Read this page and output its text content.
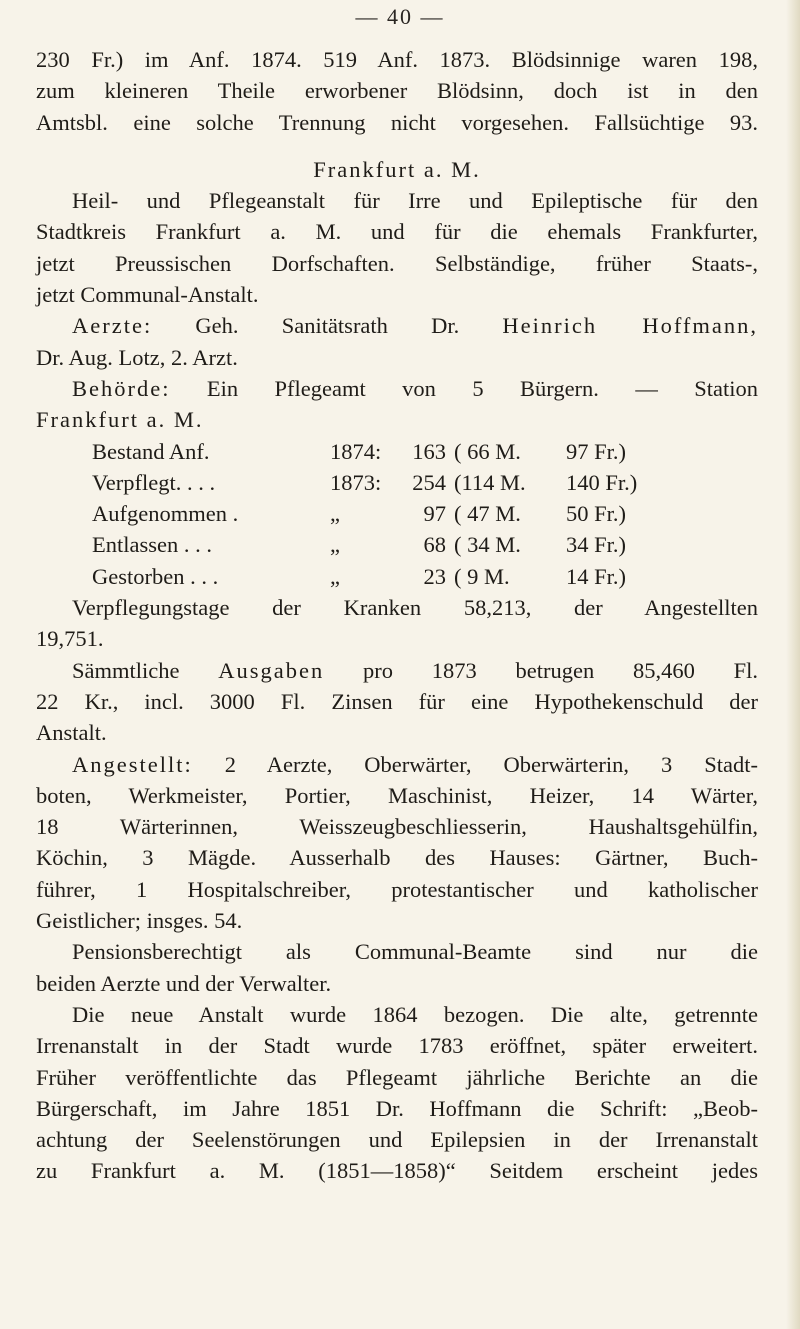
— 40 —
230 Fr.) im Anf. 1874. 519 Anf. 1873. Blödsinnige waren 198,
zum kleineren Theile erworbener Blödsinn, doch ist in den
Amtsbl. eine solche Trennung nicht vorgesehen. Fallsüchtige 93.
Frankfurt a. M.
Heil- und Pflegeanstalt für Irre und Epileptische für den
Stadtkreis Frankfurt a. M. und für die ehemals Frankfurter,
jetzt Preussischen Dorfschaften. Selbständige, früher Staats-,
jetzt Communal-Anstalt.
Aerzte: Geh. Sanitätsrath Dr. Heinrich Hoffmann,
Dr. Aug. Lotz, 2. Arzt.
Behörde: Ein Pflegeamt von 5 Bürgern. — Station
Frankfurt a. M.
Bestand Anf.	1874:	163	( 66 M.	97 Fr.)
Verpflegt. . . .	1873:	254	(114 M.	140 Fr.)
Aufgenommen .	„	97	( 47 M.	50 Fr.)
Entlassen . . .	„	68	( 34 M.	34 Fr.)
Gestorben . . .	„	23	( 9 M.	14 Fr.)
Verpflegungstage der Kranken 58,213, der Angestellten
19,751.
Sämmtliche Ausgaben pro 1873 betrugen 85,460 Fl.
22 Kr., incl. 3000 Fl. Zinsen für eine Hypothekenschuld der
Anstalt.
Angestellt: 2 Aerzte, Oberwärter, Oberwärterin, 3 Stadt-
boten, Werkmeister, Portier, Maschinist, Heizer, 14 Wärter,
18 Wärterinnen, Weisszeugbeschliesserin, Haushaltsgehülfin,
Köchin, 3 Mägde. Ausserhalb des Hauses: Gärtner, Buch-
führer, 1 Hospitalschreiber, protestantischer und katholischer
Geistlicher; insges. 54.
Pensionsberechtigt als Communal-Beamte sind nur die
beiden Aerzte und der Verwalter.
Die neue Anstalt wurde 1864 bezogen. Die alte, getrennte
Irrenanstalt in der Stadt wurde 1783 eröffnet, später erweitert.
Früher veröffentlichte das Pflegeamt jährliche Berichte an die
Bürgerschaft, im Jahre 1851 Dr. Hoffmann die Schrift: „Beob-
achtung der Seelenstörungen und Epilepsien in der Irrenanstalt
zu Frankfurt a. M. (1851—1858)“ Seitdem erscheint jedes
